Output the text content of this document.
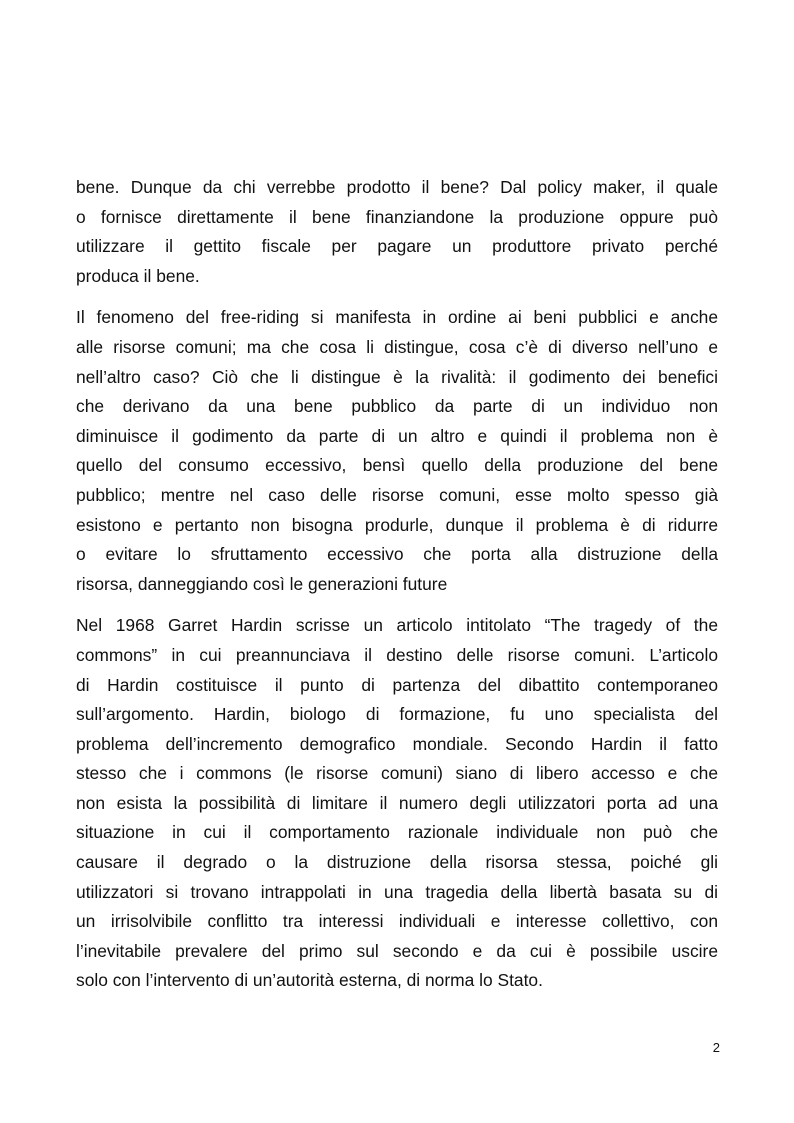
bene. Dunque da chi verrebbe prodotto il bene? Dal policy maker, il quale
o fornisce direttamente il bene finanziandone la produzione oppure può
utilizzare il gettito fiscale per pagare un produttore privato perché
produca il bene.
Il fenomeno del free-riding si manifesta in ordine ai beni pubblici e anche
alle risorse comuni; ma che cosa li distingue, cosa c’è di diverso nell’uno e
nell’altro caso? Ciò che li distingue è la rivalità: il godimento dei benefici
che derivano da una bene pubblico da parte di un individuo non
diminuisce il godimento da parte di un altro e quindi il problema non è
quello del consumo eccessivo, bensì quello della produzione del bene
pubblico; mentre nel caso delle risorse comuni, esse molto spesso già
esistono e pertanto non bisogna produrle, dunque il problema è di ridurre
o evitare lo sfruttamento eccessivo che porta alla distruzione della
risorsa, danneggiando così le generazioni future
Nel 1968 Garret Hardin scrisse un articolo intitolato “The tragedy of the
commons” in cui preannunciava il destino delle risorse comuni. L’articolo
di Hardin costituisce il punto di partenza del dibattito contemporaneo
sull’argomento. Hardin, biologo di formazione, fu uno specialista del
problema dell’incremento demografico mondiale. Secondo Hardin il fatto
stesso che i commons (le risorse comuni) siano di libero accesso e che
non esista la possibilità di limitare il numero degli utilizzatori porta ad una
situazione in cui il comportamento razionale individuale non può che
causare il degrado o la distruzione della risorsa stessa, poiché gli
utilizzatori si trovano intrappolati in una tragedia della libertà basata su di
un irrisolvibile conflitto tra interessi individuali e interesse collettivo, con
l’inevitabile prevalere del primo sul secondo e da cui è possibile uscire
solo con l’intervento di un’autorità esterna, di norma lo Stato.
2
